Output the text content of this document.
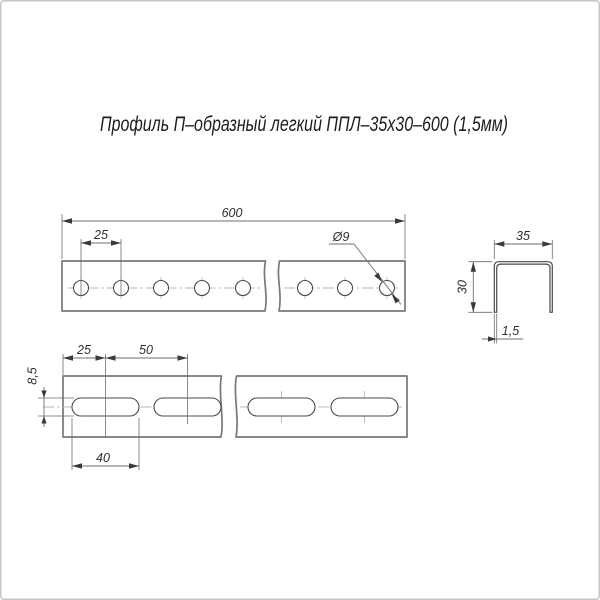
Профиль П–образный легкий ППЛ–35х30–600 (1,5мм)
600
25	Ø9	35
30
1,5
25	50
8,5
40
